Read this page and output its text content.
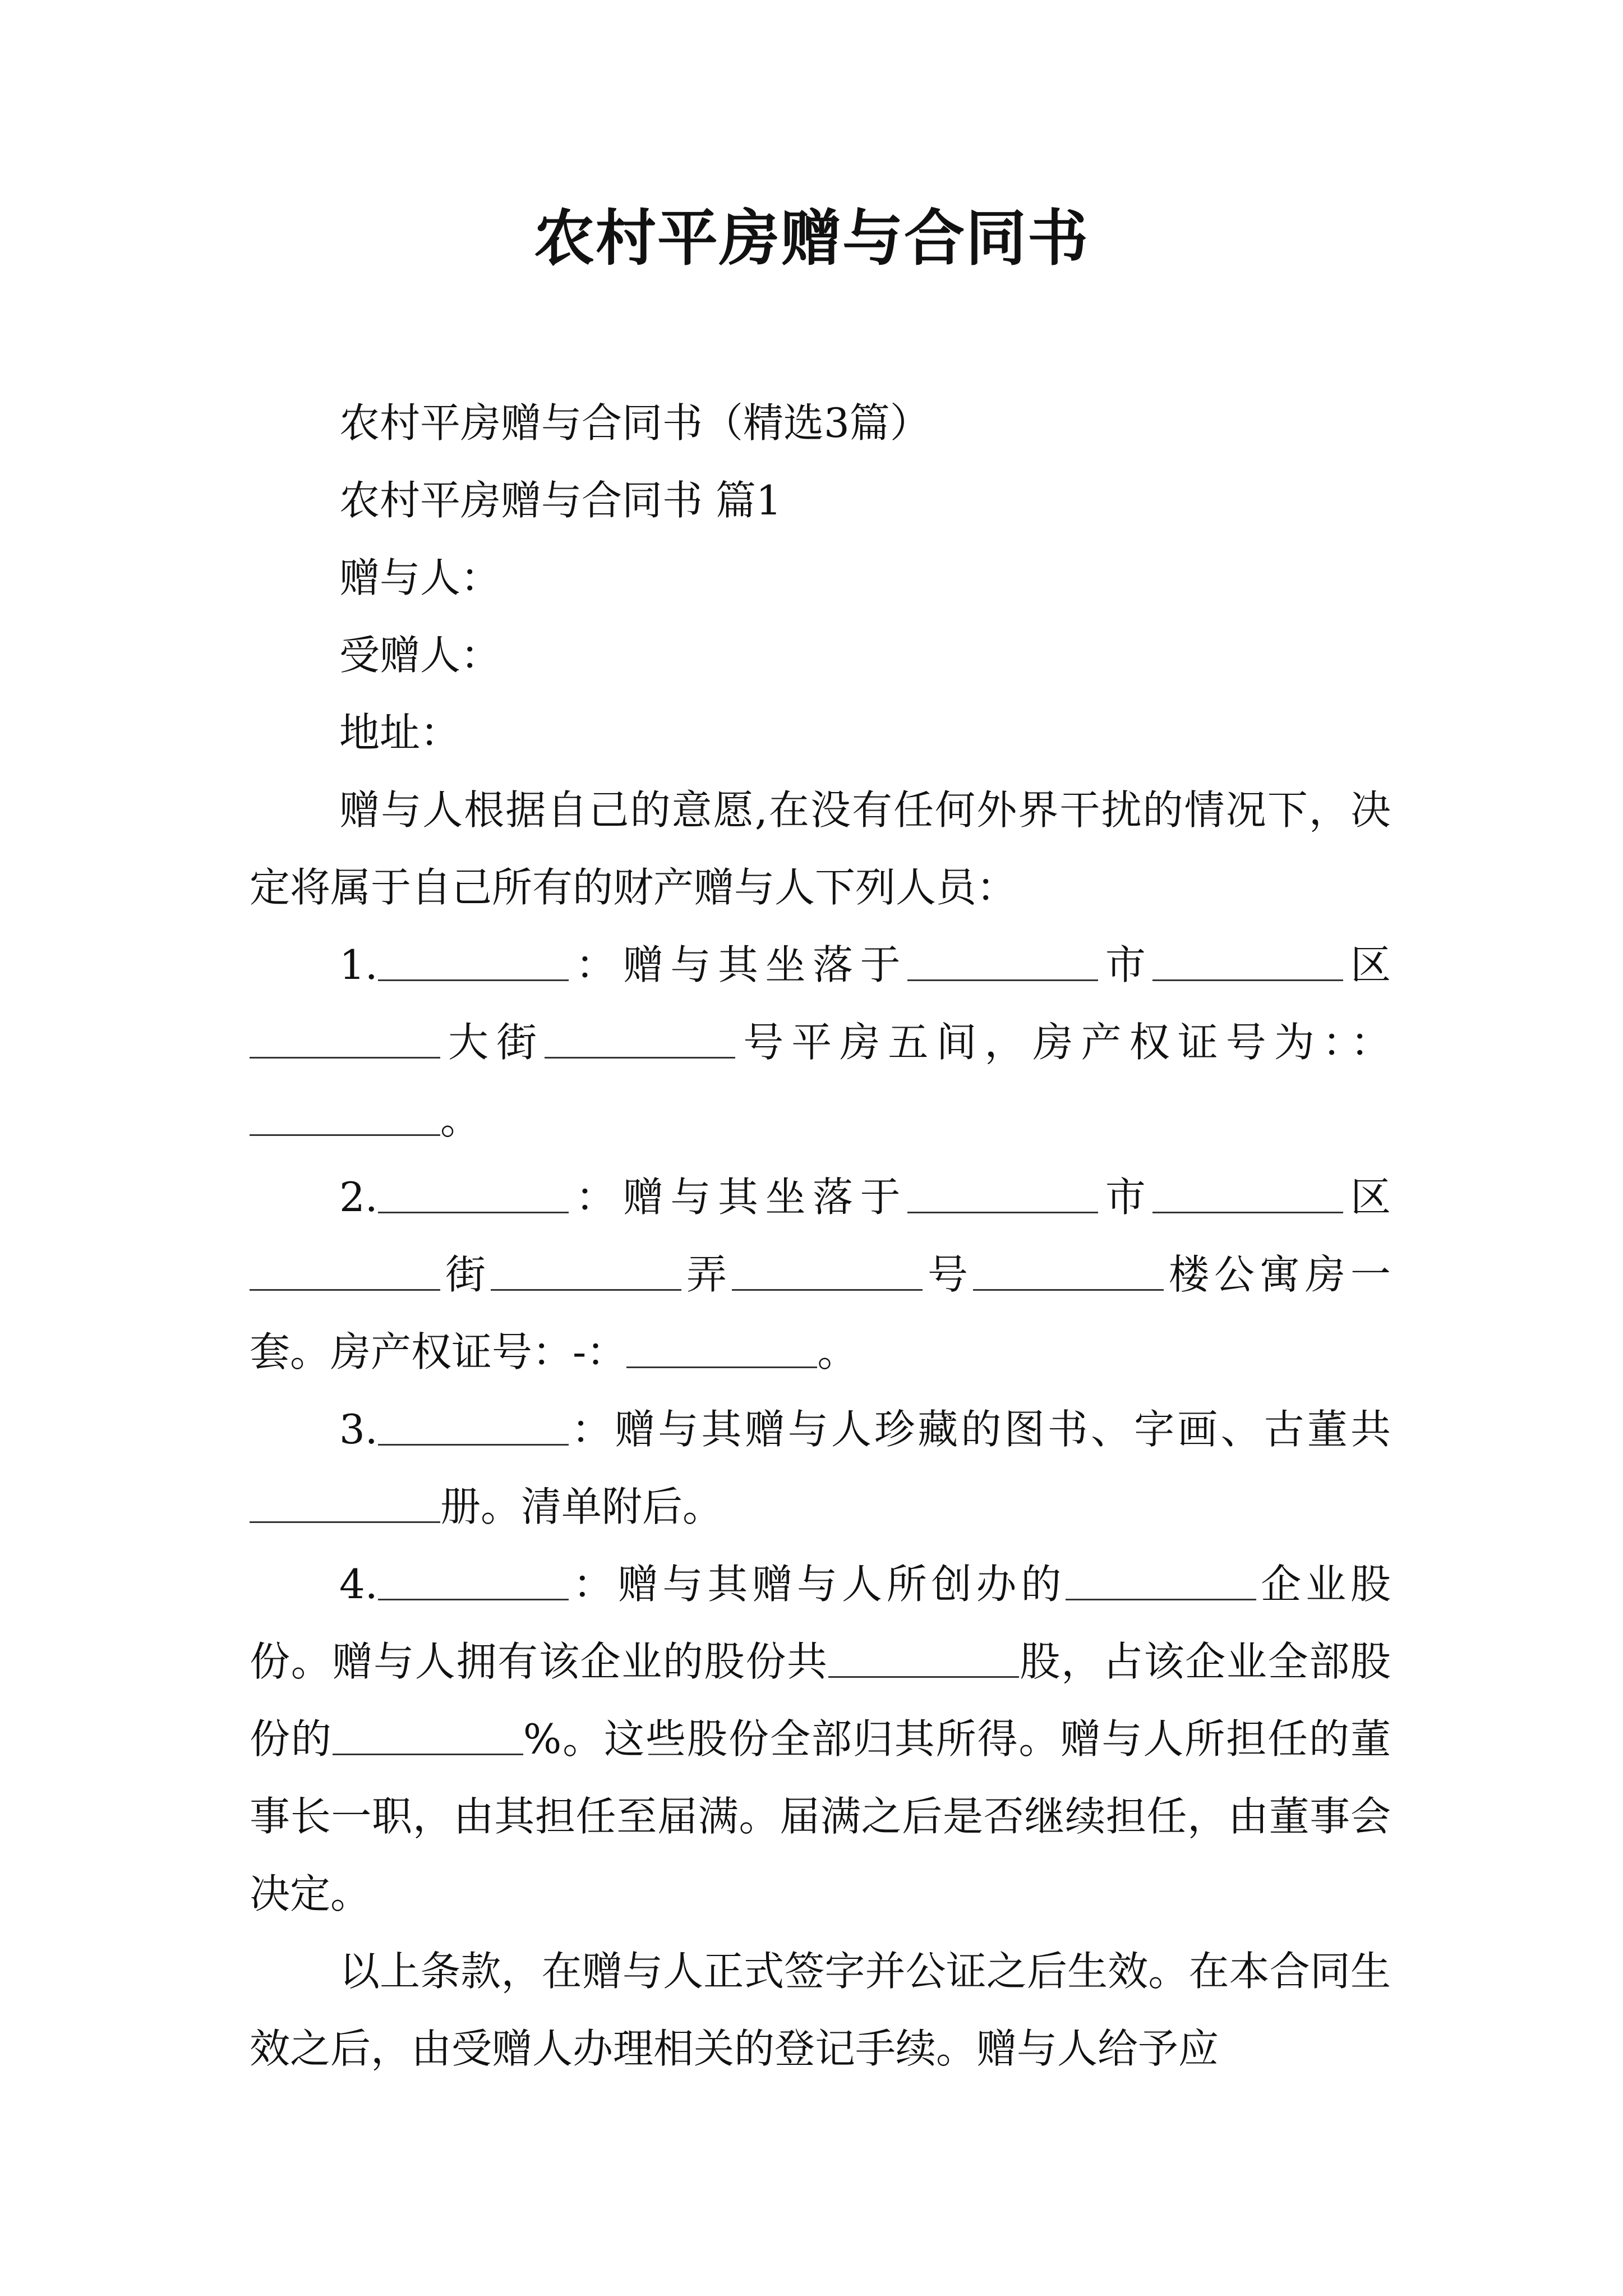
农村平房赠与合同书

农村平房赠与合同书（精选3篇）

农村平房赠与合同书 篇1

赠与人：

受赠人：

地址：

赠与人根据自己的意愿,在没有任何外界干扰的情况下，决定将属于自己所有的财产赠与人下列人员：

1.	：赠与其坐落于	市	区大街	号平房五间，房产权证号为：：。

2.	：赠与其坐落于	市	区街	弄	号	楼公寓房一套。房产权证号：-：	。

3.	：赠与其赠与人珍藏的图书、字画、古董共册。清单附后。

4.	：赠与其赠与人所创办的	企业股份。赠与人拥有该企业的股份共	股，占该企业全部股份的	%。这些股份全部归其所得。赠与人所担任的董事长一职，由其担任至届满。届满之后是否继续担任，由董事会决定。

以上条款，在赠与人正式签字并公证之后生效。在本合同生效之后，由受赠人办理相关的登记手续。赠与人给予应
